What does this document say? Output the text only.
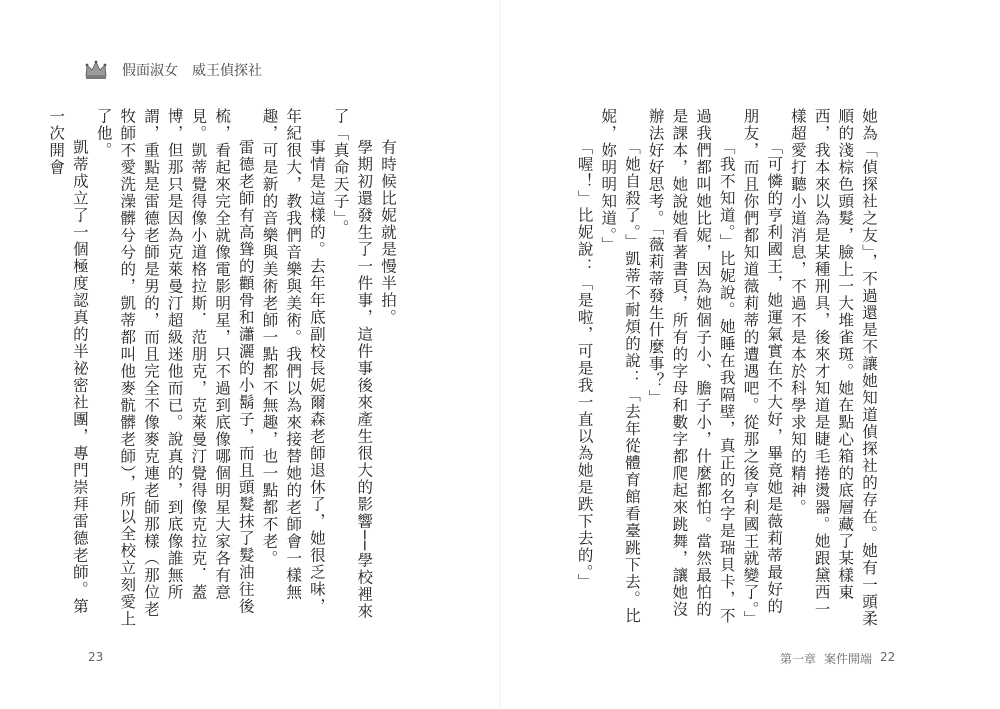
假面淑女 威王偵探社

有時候比妮就是慢半拍。

學期初還發生了一件事，這件事後來產生很大的影響──學校裡來了「真命天子」。

事情是這樣的。去年年底副校長妮爾森老師退休了，她很乏味，年紀很大，教我們音樂與美術。我們以為來接替她的老師會一樣無趣，可是新的音樂與美術老師一點都不無趣，也一點都不老。

雷德老師有高聳的顴骨和瀟灑的小鬍子，而且頭髮抹了髮油往後梳，看起來完全就像電影明星，只不過到底像哪個明星大家各有意見。凱蒂覺得像小道格拉斯．范朋克，克萊曼汀覺得像克拉克．蓋博，但那只是因為克萊曼汀超級迷他而已。說真的，到底像誰無所謂，重點是雷德老師是男的，而且完全不像麥克連老師那樣（那位老牧師不愛洗澡髒兮兮的，凱蒂都叫他麥骯髒老師），所以全校立刻愛上了他。

凱蒂成立了一個極度認真的半祕密社團，專門崇拜雷德老師。第一次開會

23

她為「偵探社之友」，不過還是不讓她知道偵探社的存在。她有一頭柔順的淺棕色頭髮，臉上一大堆雀斑。她在點心箱的底層藏了某樣東西，我本來以為是某種刑具，後來才知道是睫毛捲燙器。她跟黛西一樣超愛打聽小道消息，不過不是本於科學求知的精神。

「可憐的亨利國王，她運氣實在不大好，畢竟她是薇莉蒂最好的朋友，而且你們都知道薇莉蒂的遭遇吧。從那之後亨利國王就變了。」

「我不知道。」比妮說。她睡在我隔壁，真正的名字是瑞貝卡，不過我們都叫她比妮，因為她個子小、膽子小，什麼都怕。當然最怕的是課本，她說她看著書頁，所有的字母和數字都爬起來跳舞，讓她沒辦法好好思考。「薇莉蒂發生什麼事？」

「她自殺了。」凱蒂不耐煩的說：「去年從體育館看臺跳下去。比妮，妳明明知道。」

「喔！」比妮說：「是啦，可是我一直以為她是跌下去的。」

第一章 案件開端 22
